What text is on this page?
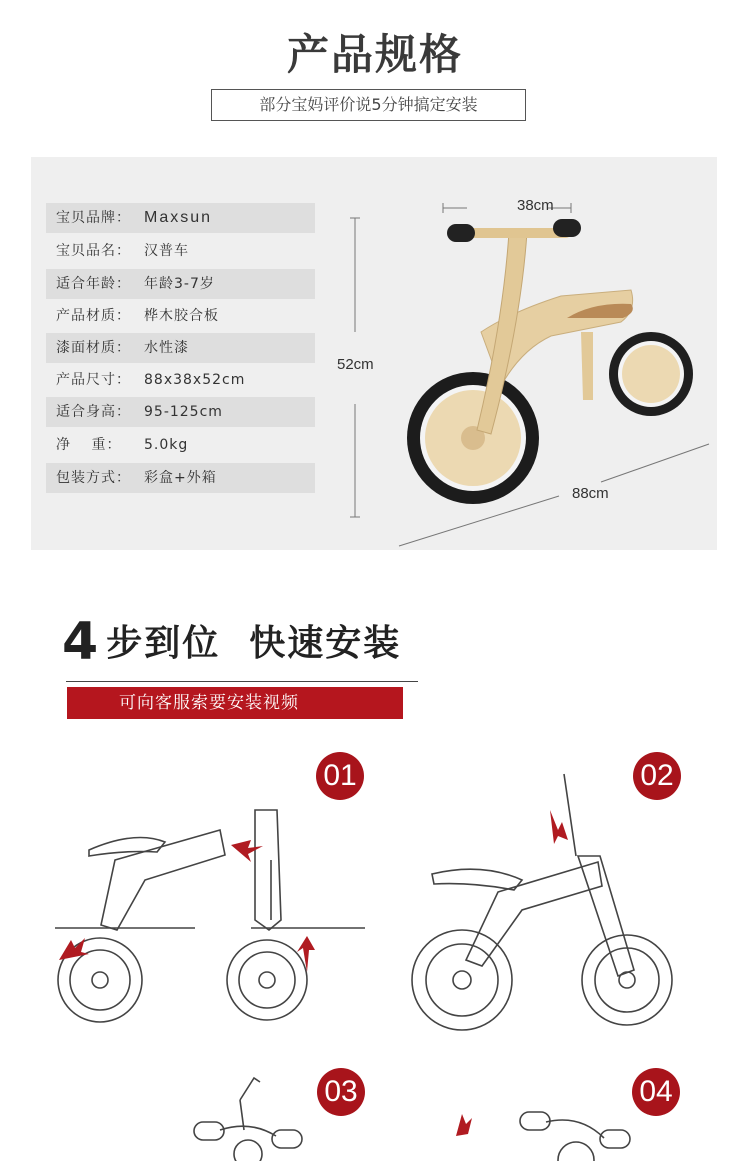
产品规格
部分宝妈评价说5分钟搞定安装
宝贝品牌： Maxsun
宝贝品名： 汉普车
适合年龄： 年龄3-7岁
产品材质： 桦木胶合板
漆面材质： 水性漆
产品尺寸： 88x38x52cm
适合身高： 95-125cm
净　 重： 5.0kg
包装方式： 彩盒+外箱
38cm
52cm
88cm
4 步到位 快速安装
可向客服索要安装视频
01	02
03	04
